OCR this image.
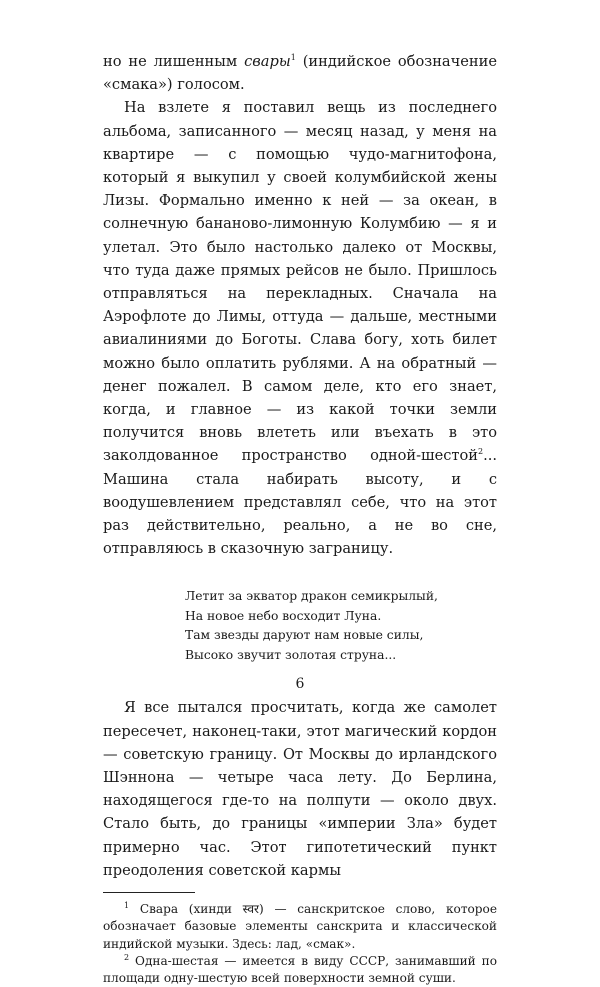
но не лишенным свары$^1$ (индийское обозначение «смака») голосом.

На взлете я поставил вещь из последнего альбома, записанного — месяц назад, у меня на квартире — с помощью чудо-магнитофона, который я выкупил у своей колумбийской жены Лизы. Формально именно к ней — за океан, в солнечную бананово-лимонную Колумбию — я и улетал. Это было настолько далеко от Москвы, что туда даже прямых рейсов не было. Пришлось отправляться на перекладных. Сначала на Аэрофлоте до Лимы, оттуда — дальше, местными авиалиниями до Боготы. Слава богу, хоть билет можно было оплатить рублями. А на обратный — денег пожалел. В самом деле, кто его знает, когда, и главное — из какой точки земли получится вновь влететь или въехать в это заколдованное пространство одной-шестой$^2$... Машина стала набирать высоту, и с воодушевлением представлял себе, что на этот раз действительно, реально, а не во сне, отправляюсь в сказочную заграницу.

Летит за экватор дракон семикрылый,
На новое небо восходит Луна.
Там звезды даруют нам новые силы,
Высоко звучит золотая струна...

Я все пытался просчитать, когда же самолет пересечет, наконец-таки, этот магический кордон — советскую границу. От Москвы до ирландского Шэннона — четыре часа лету. До Берлина, находящегося где-то на полпути — около двух. Стало быть, до границы «империи Зла» будет примерно час. Этот гипотетический пункт преодоления советской кармы

$^1$ Свара (хинди स्वर) — санскритское слово, которое обозначает базовые элементы санскрита и классической индийской музыки. Здесь: лад, «смак».

$^2$ Одна-шестая — имеется в виду СССР, занимавший по площади одну-шестую всей поверхности земной суши.

6
